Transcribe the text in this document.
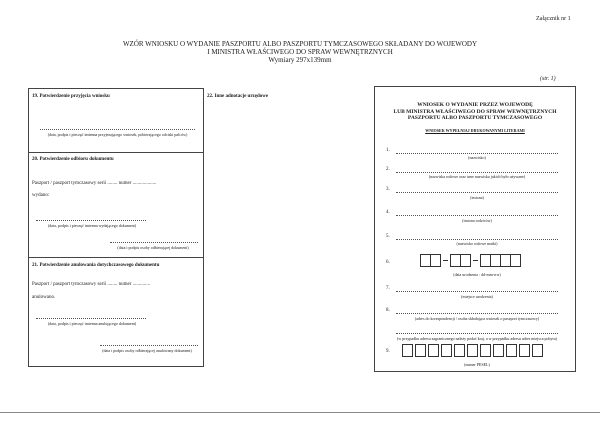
Załącznik nr 1
WZÓR WNIOSKU O WYDANIE PASZPORTU ALBO PASZPORTU TYMCZASOWEGO SKŁADANY DO WOJEWODY
I MINISTRA WŁAŚCIWEGO DO SPRAW WEWNĘTRZNYCH
Wymiary 297x139mm
(str. 1)
19. Potwierdzenie przyjęcia wniosku
(data, podpis i pieczęć imienna przyjmującego wniosek, pobierającego odciski palców)
20. Potwierdzenie odbioru dokumentu
Paszport / paszport tymczasowy serii ........ numer ...................
wydano:
(data, podpis i pieczęć imienna wydającego dokument)
(data i podpis osoby odbierającej dokument)
21. Potwierdzenie anulowania dotychczasowego dokumentu
Paszport / paszport tymczasowy serii ........ numer ..............
anulowano.
(data, podpis i pieczęć imienna anulującego dokument)
(data i podpis osoby odbierającej anulowany dokument)
22. Inne adnotacje urzędowe
WNIOSEK O WYDANIE PRZEZ WOJEWODĘ
LUB MINISTRA WŁAŚCIWEGO DO SPRAW WEWNĘTRZNYCH
PASZPORTU ALBO PASZPORTU TYMCZASOWEGO
WNIOSEK WYPEŁNIAJ DRUKOWANYMI LITERAMI
1.
(nazwisko)
2.
(nazwiska rodowe oraz inne nazwiska jakich było używane)
3.
(imiona)
4.
(imiona rodziców)
5.
(nazwisko rodowe matki)
6.
(data urodzenia : dd-mm-rrrr)
7.
(miejsce urodzenia)
8.
(adres do korespondencji / osoba składająca wniosek o paszport tymczasowy)
(w przypadku adresu zagranicznego należy podać kraj, a w przypadku adresu adres miejsca pobytu)
9.
(numer PESEL)
